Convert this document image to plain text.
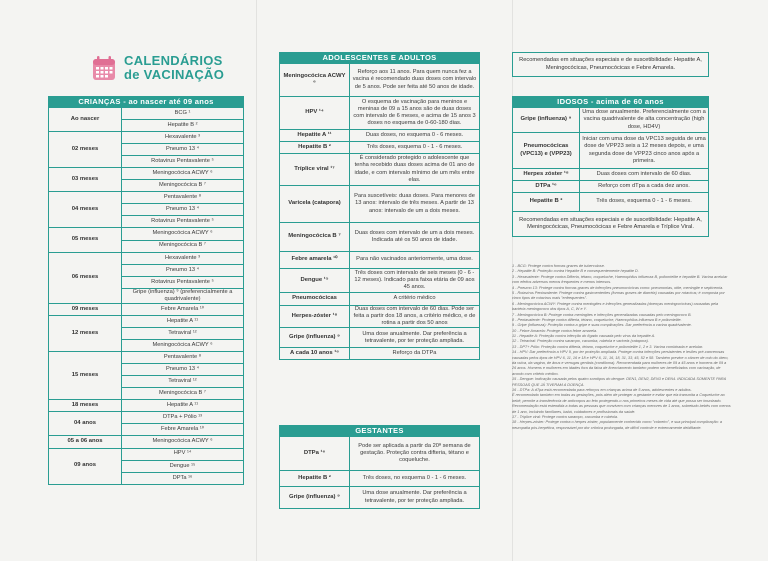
CALENDÁRIOS
de VACINAÇÃO
CRIANÇAS - ao nascer até 09 anos
Ao nascer	BCG ¹
	Hepatite B ²
02 meses	Hexavalente ³
	Pneumo 13 ⁴
	Rotavirus Pentavalente ⁵
03 meses	Meningocócica ACWY ⁶
	Meningocócica B ⁷
04 meses	Pentavalente ⁸
	Pneumo 13 ⁴
	Rotavirus Pentavalente ⁵
05 meses	Meningocócica ACWY ⁶
	Meningocócica B ⁷
06 meses	Hexavalente ³
	Pneumo 13 ⁴
	Rotavirus Pentavalente ⁵
	Gripe (influenza) ⁹ (preferencialmente a quadrivalente)
09 meses	Febre Amarela ¹⁰
12 meses	Hepatite A ¹¹
	Tetraviral ¹²
	Meningocócica ACWY ⁶
15 meses	Pentavalente ⁸
	Pneumo 13 ⁴
	Tetraviral ¹²
	Meningocócica B ⁷
18 meses	Hepatite A ¹¹
04 anos	DTPa + Pólio ¹³
	Febre Amarela ¹⁰
05 a 06 anos	Meningocócica ACWY ⁶
09 anos	HPV ¹⁴
	Dengue ¹⁵
	DPTa ¹⁶
ADOLESCENTES E ADULTOS
Meningocócica ACWY ⁶	Reforço aos 11 anos. Para quem nunca fez a vacina é recomendado duas doses com intervalo de 5 anos. Pode ser feita até 50 anos de idade.
HPV ¹⁴	O esquema de vacinação para meninos e meninas de 09 a 15 anos são de duas doses com intervalo de 6 meses, e acima de 15 anos 3 doses no esquema de 0-60-180 dias.
Hepatite A ¹¹	Duas doses, no esquema 0 - 6 meses.
Hepatite B ²	Três doses, esquema 0 - 1 - 6 meses.
Tríplice viral ¹⁷	É considerado protegido o adolescente que tenha recebido duas doses acima de 01 ano de idade, e com intervalo mínimo de um mês entre elas.
Varicela (catapora)	Para suscetíveis: duas doses. Para menores de 13 anos: intervalo de três meses. A partir de 13 anos: intervalo de um a dois meses.
Meningocócica B ⁷	Duas doses com intervalo de um a dois meses. Indicada até os 50 anos de idade.
Febre amarela ¹⁰	Para não vacinados anteriormente, uma dose.
Dengue ¹⁵	Três doses com intervalo de seis meses (0 - 6 - 12 meses). Indicado para faixa etária de 09 aos 45 anos.
Pneumocócicas	A critério médico
Herpes-zóster ¹⁸	Duas doses com intervalo de 60 dias. Pode ser feita a partir dos 18 anos, a critério médico, e de rotina a partir dos 50 anos
Gripe (influenza) ⁹	Uma dose anualmente. Dar preferência a tetravalente, por ter proteção ampliada.
A cada 10 anos ¹⁶	Reforço da DTPa
GESTANTES
DTPa ¹⁶	Pode ser aplicada a partir da 20ª semana de gestação. Proteção contra difteria, tétano e coqueluche.
Hepatite B ²	Três doses, no esquema 0 - 1 - 6 meses.
Gripe (influenza) ⁹	Uma dose anualmente. Dar preferência a tetravalente, por ter proteção ampliada.
Recomendadas em situações especiais e de suscetibilidade: Hepatite A, Meningocócicas, Pneumocócicas e Febre Amarela.
IDOSOS - acima de 60 anos
Gripe (influenza) ⁹	Uma dose anualmente. Preferencialmente com a vacina quadrivalente de alta concentração (high dose, HD4V)
Pneumocócicas (VPC13) e (VPP23)	Iniciar com uma dose da VPC13 seguida de uma dose de VPP23 seis a 12 meses depois, e uma segunda dose de VPP23 cinco anos após a primeira.
Herpes zóster ¹⁸	Duas doses com intervalo de 60 dias.
DTPa ¹⁶	Reforço com dTpa a cada dez anos.
Hepatite B ²	Três doses, esquema 0 - 1 - 6 meses.
Recomendadas em situações especiais e de suscetibilidade: Hepatite A, Meningocócicas, Pneumocócicas e Febre Amarela e Tríplice Viral.

1 - BCG: Protege contra formas graves de tuberculose.

2 - Hepatite B: Proteção contra Hepatite B e consequentemente hepatite D.

3 - Hexavalente: Protege contra Difteria, tétano, coqueluche, Haemophilus influenza B, poliomielite e hepatite B. Vacina acelular com efeitos adversos menos frequentes e menos intensos.

4 - Pneumo 13: Protege contra formas graves de infecções pneumocócicas como: pneumonias, otite, meningite e septicemia.

5 - Rotavírus Pentavalente: Protege contra gastroenterites (formas graves de diarréia) causadas por rotavírus; é composta por cinco tipos de rotavírus mais "enfrequentes".

6 - Meningocócica ACWY: Protege contra meningites e infecções generalizadas (doenças meningocócicas) causadas pela bactéria meningococo dos tipos A, C, W e Y.

7 - Meningocócica B: Protege contra meningites e infecções generalizadas causadas pelo meningococo B.

8 - Pentavalente: Protege contra difteria, tétano, coqueluche, Haemophilus influenza B e poliomielite.

9 - Gripe (influenza): Proteção contra a gripe e suas complicações. Dar preferência a vacina quadrivalente.

10 - Febre Amarela: Protege contra febre amarela.

11 - Hepatite A: Proteção contra infecção do fígado causada pelo vírus da hepatite A.

12 - Tetraviral: Proteção contra sarampo, caxumba, rubéola e varicela (catapora).

13 - DPT+ Pólio: Proteção contra difteria, tétano, coqueluche e poliomielite 1, 2 e 3. Vacina combinada e acelular.

14 - HPV: Dar preferência a HPV 9, por ter proteção ampliada. Protege contra infecções persistentes e lesões pré-cancerosas causadas pelos tipos de HPV 6, 11, 16 e 18 e HPV 6, 11, 16, 18, 31, 33, 45, 52 e 58. Também previne o câncer de colo do útero, da vulva, da vagina, de ânus e verrugas genitais (condiloma). Recomendada para mulheres de 09 a 45 anos e homens de 09 a 26 anos. Homens e mulheres em idades fora da faixa de licenciamento também podem ser beneficiados com vacinação, de acordo com critério médico.

15 - Dengue: Indicação causada pelos quatro sorotipos do dengue: DEN1, DEN2, DEN3 e DEN4. INDICADA SOMENTE PARA PESSOAS QUE JÁ TIVERAM A DOENÇA.

16 - DTPa: A dTpa está recomendada para reforços em crianças acima de 5 anos, adolescentes e adultos.

É recomendado também em todas as gestações, pois além de proteger a gestante e evitar que ela transmita a Coqueluche ao bebê, permite a transferência de anticorpos ao feto protegendo-o nos primeiros meses de vida até que possa ser imunizado. Recomendação está estendida a todas as pessoas que convivem com crianças menores de 1 anos, sobretudo bebês com menos de 1 ano, incluindo familiares, babá, cuidadores e profissionais da saúde.

17 - Tríplice viral: Protege contra sarampo, caxumba e rubéola.

18 - Herpes-zóster: Protege contra o herpes zóster, popularmente conhecido como "cobreiro", e sua principal complicação: a neuropatia pós-herpética, responsável por dor crônica prolongada, de difícil controle e extremamente debilitante.
